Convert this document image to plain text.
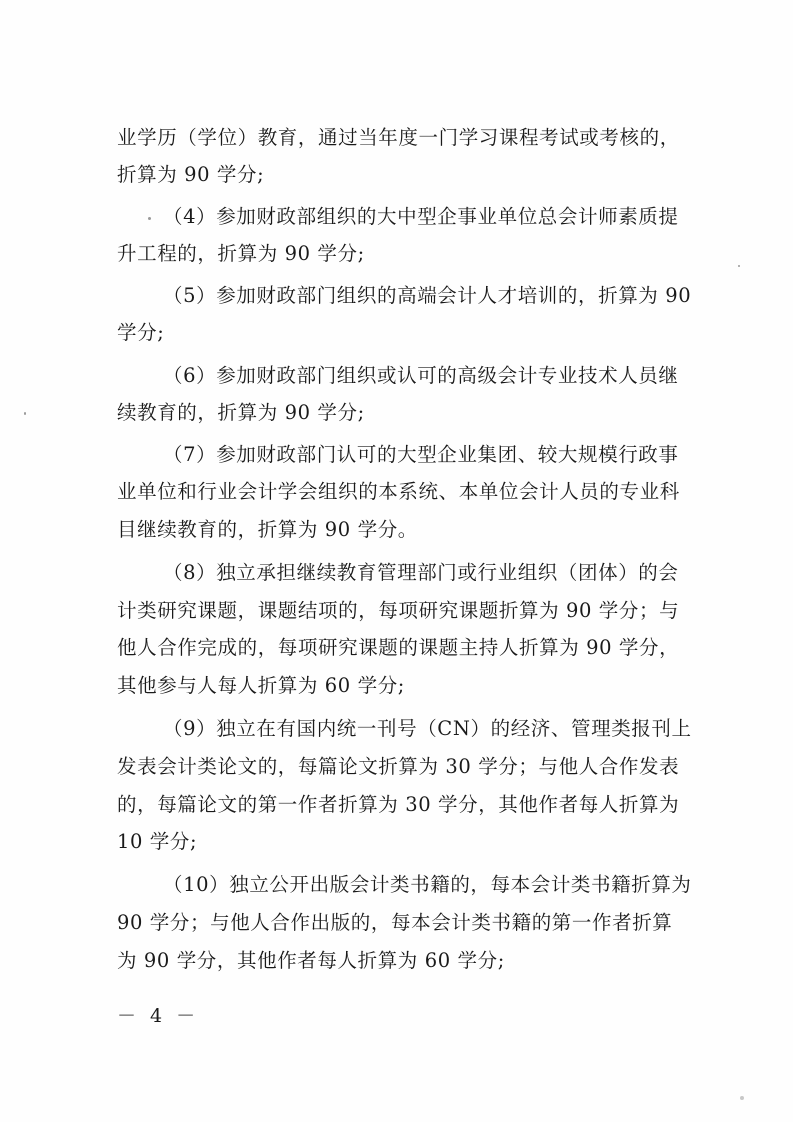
业学历（学位）教育，通过当年度一门学习课程考试或考核的，

折算为 90 学分;

（4）参加财政部组织的大中型企事业单位总会计师素质提

升工程的，折算为 90 学分;

（5）参加财政部门组织的高端会计人才培训的，折算为 90

学分;

（6）参加财政部门组织或认可的高级会计专业技术人员继

续教育的，折算为 90 学分;

（7）参加财政部门认可的大型企业集团、较大规模行政事

业单位和行业会计学会组织的本系统、本单位会计人员的专业科

目继续教育的，折算为 90 学分。

（8）独立承担继续教育管理部门或行业组织（团体）的会

计类研究课题，课题结项的，每项研究课题折算为 90 学分；与

他人合作完成的，每项研究课题的课题主持人折算为 90 学分，

其他参与人每人折算为 60 学分;

（9）独立在有国内统一刊号（CN）的经济、管理类报刊上

发表会计类论文的，每篇论文折算为 30 学分；与他人合作发表

的，每篇论文的第一作者折算为 30 学分，其他作者每人折算为

10 学分;

（10）独立公开出版会计类书籍的，每本会计类书籍折算为

90 学分；与他人合作出版的，每本会计类书籍的第一作者折算

为 90 学分，其他作者每人折算为 60 学分;

－ 4 －
